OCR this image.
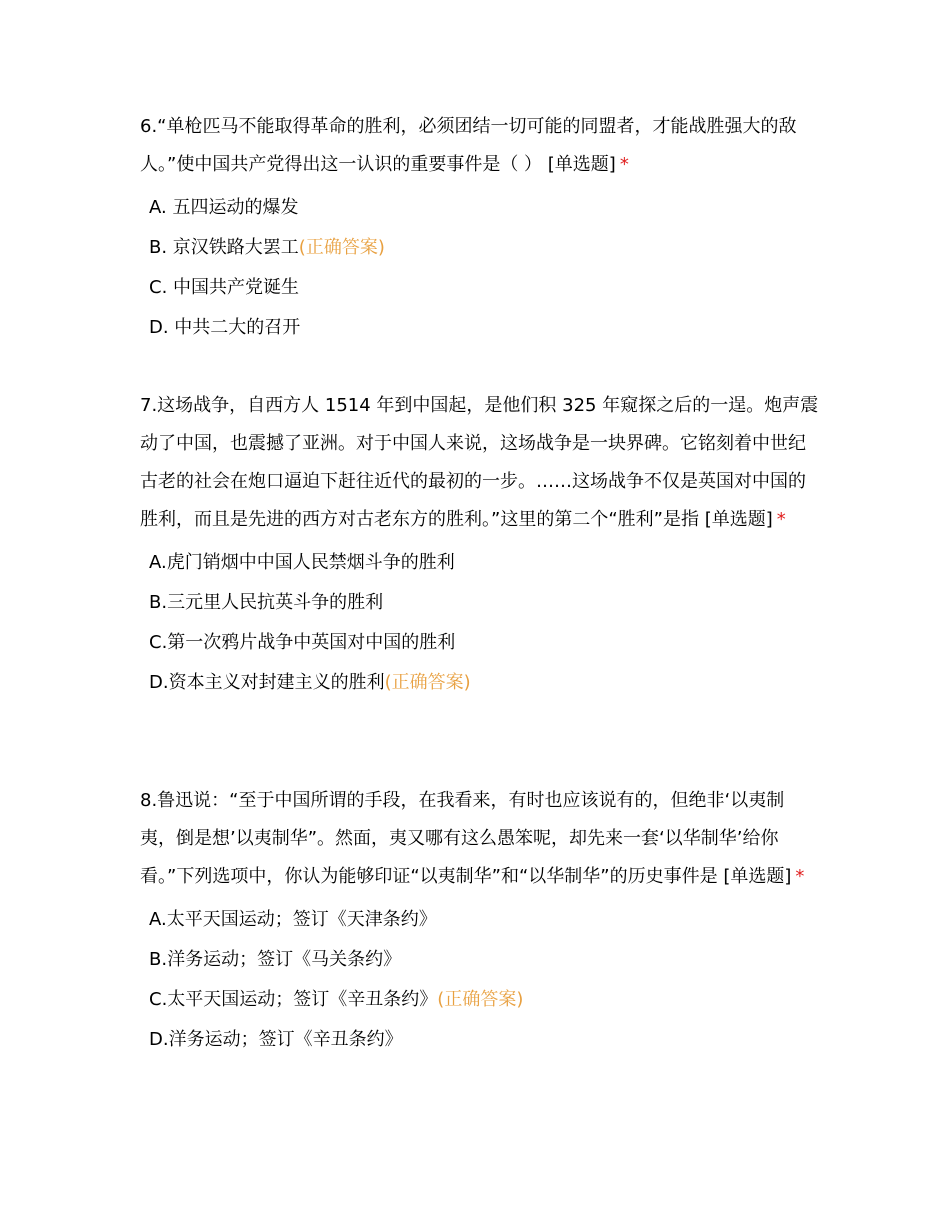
6.“单枪匹马不能取得革命的胜利，必须团结一切可能的同盟者，才能战胜强大的敌人。”使中国共产党得出这一认识的重要事件是（ ） [单选题] *

A. 五四运动的爆发
B. 京汉铁路大罢工(正确答案)
C. 中国共产党诞生
D. 中共二大的召开

7.这场战争，自西方人 1514 年到中国起，是他们积 325 年窥探之后的一逞。炮声震动了中国，也震撼了亚洲。对于中国人来说，这场战争是一块界碑。它铭刻着中世纪古老的社会在炮口逼迫下赶往近代的最初的一步。……这场战争不仅是英国对中国的胜利，而且是先进的西方对古老东方的胜利。”这里的第二个“胜利”是指 [单选题] *

A.虎门销烟中中国人民禁烟斗争的胜利
B.三元里人民抗英斗争的胜利
C.第一次鸦片战争中英国对中国的胜利
D.资本主义对封建主义的胜利(正确答案)

8.鲁迅说：“至于中国所谓的手段，在我看来，有时也应该说有的，但绝非‘以夷制夷，倒是想’以夷制华”。然面，夷又哪有这么愚笨呢，却先来一套‘以华制华’给你看。”下列选项中，你认为能够印证“以夷制华”和“以华制华”的历史事件是 [单选题] *

A.太平天国运动；签订《天津条约》
B.洋务运动；签订《马关条约》
C.太平天国运动；签订《辛丑条约》(正确答案)
D.洋务运动；签订《辛丑条约》
